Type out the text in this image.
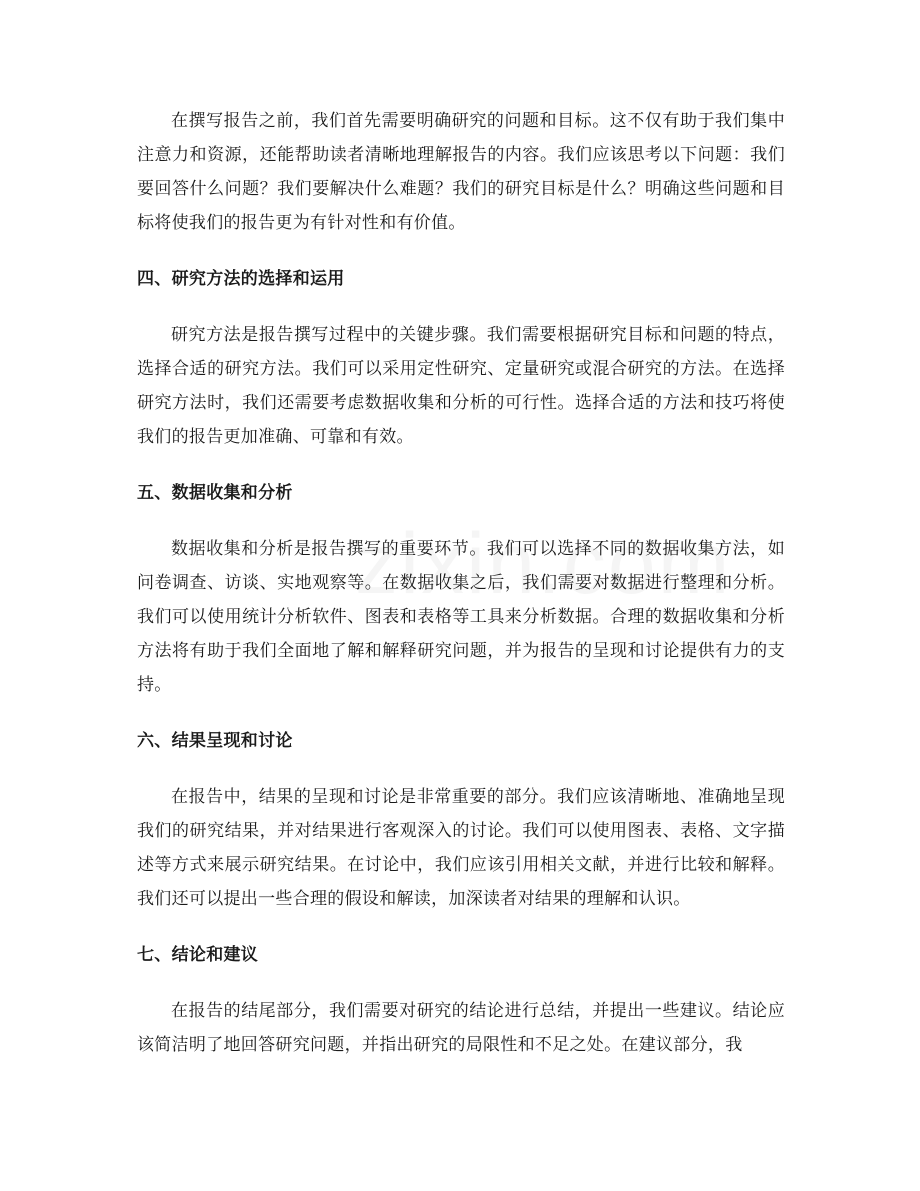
在撰写报告之前，我们首先需要明确研究的问题和目标。这不仅有助于我们集中注意力和资源，还能帮助读者清晰地理解报告的内容。我们应该思考以下问题：我们要回答什么问题？我们要解决什么难题？我们的研究目标是什么？明确这些问题和目标将使我们的报告更为有针对性和有价值。

四、研究方法的选择和运用

研究方法是报告撰写过程中的关键步骤。我们需要根据研究目标和问题的特点，选择合适的研究方法。我们可以采用定性研究、定量研究或混合研究的方法。在选择研究方法时，我们还需要考虑数据收集和分析的可行性。选择合适的方法和技巧将使我们的报告更加准确、可靠和有效。

五、数据收集和分析

数据收集和分析是报告撰写的重要环节。我们可以选择不同的数据收集方法，如问卷调查、访谈、实地观察等。在数据收集之后，我们需要对数据进行整理和分析。我们可以使用统计分析软件、图表和表格等工具来分析数据。合理的数据收集和分析方法将有助于我们全面地了解和解释研究问题，并为报告的呈现和讨论提供有力的支持。

六、结果呈现和讨论

在报告中，结果的呈现和讨论是非常重要的部分。我们应该清晰地、准确地呈现我们的研究结果，并对结果进行客观深入的讨论。我们可以使用图表、表格、文字描述等方式来展示研究结果。在讨论中，我们应该引用相关文献，并进行比较和解释。我们还可以提出一些合理的假设和解读，加深读者对结果的理解和认识。

七、结论和建议

在报告的结尾部分，我们需要对研究的结论进行总结，并提出一些建议。结论应该简洁明了地回答研究问题，并指出研究的局限性和不足之处。在建议部分，我
